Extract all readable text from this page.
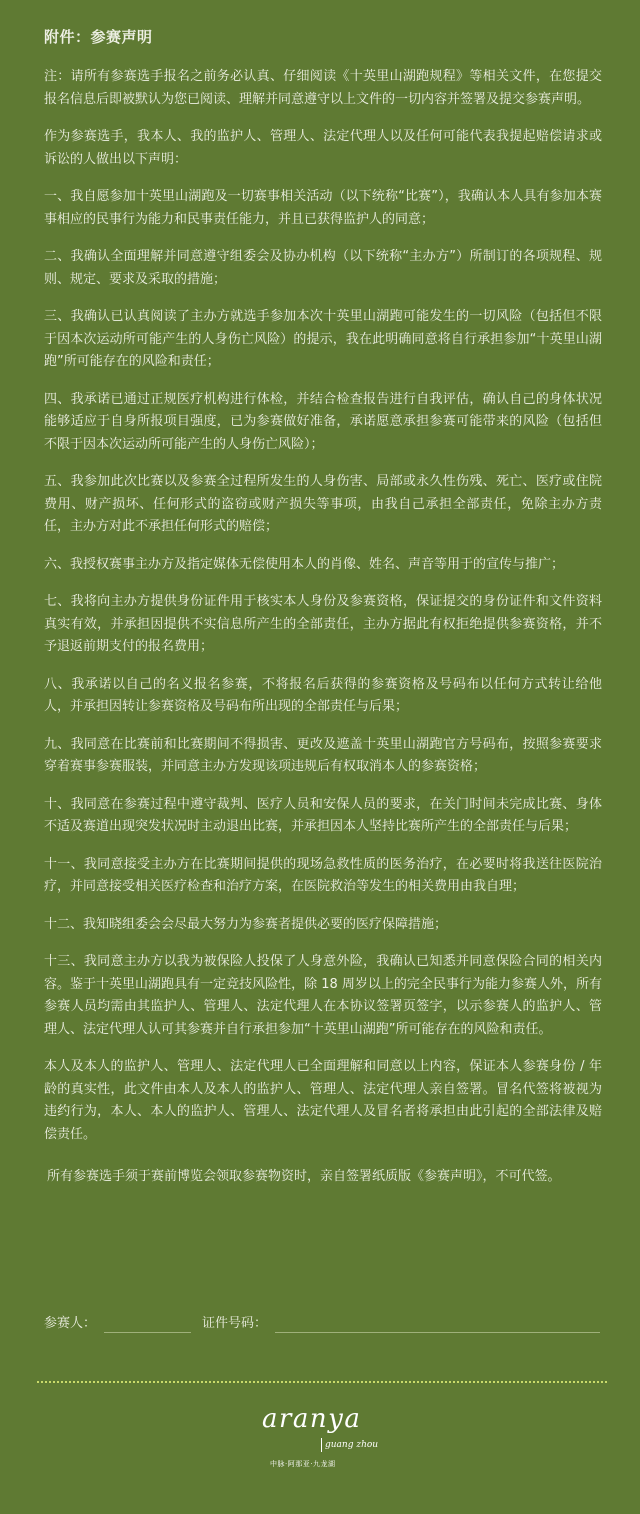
附件：参赛声明

注：请所有参赛选手报名之前务必认真、仔细阅读《十英里山湖跑规程》等相关文件，在您提交报名信息后即被默认为您已阅读、理解并同意遵守以上文件的一切内容并签署及提交参赛声明。

作为参赛选手，我本人、我的监护人、管理人、法定代理人以及任何可能代表我提起赔偿请求或诉讼的人做出以下声明：

一、我自愿参加十英里山湖跑及一切赛事相关活动（以下统称“比赛”），我确认本人具有参加本赛事相应的民事行为能力和民事责任能力，并且已获得监护人的同意；

二、我确认全面理解并同意遵守组委会及协办机构（以下统称“主办方”）所制订的各项规程、规则、规定、要求及采取的措施；

三、我确认已认真阅读了主办方就选手参加本次十英里山湖跑可能发生的一切风险（包括但不限于因本次运动所可能产生的人身伤亡风险）的提示，我在此明确同意将自行承担参加“十英里山湖跑”所可能存在的风险和责任；

四、我承诺已通过正规医疗机构进行体检，并结合检查报告进行自我评估，确认自己的身体状况能够适应于自身所报项目强度，已为参赛做好准备，承诺愿意承担参赛可能带来的风险（包括但不限于因本次运动所可能产生的人身伤亡风险）；

五、我参加此次比赛以及参赛全过程所发生的人身伤害、局部或永久性伤残、死亡、医疗或住院费用、财产损坏、任何形式的盗窃或财产损失等事项，由我自己承担全部责任，免除主办方责任，主办方对此不承担任何形式的赔偿；

六、我授权赛事主办方及指定媒体无偿使用本人的肖像、姓名、声音等用于的宣传与推广；

七、我将向主办方提供身份证件用于核实本人身份及参赛资格，保证提交的身份证件和文件资料真实有效，并承担因提供不实信息所产生的全部责任，主办方据此有权拒绝提供参赛资格，并不予退返前期支付的报名费用；

八、我承诺以自己的名义报名参赛，不将报名后获得的参赛资格及号码布以任何方式转让给他人，并承担因转让参赛资格及号码布所出现的全部责任与后果；

九、我同意在比赛前和比赛期间不得损害、更改及遮盖十英里山湖跑官方号码布，按照参赛要求穿着赛事参赛服装，并同意主办方发现该项违规后有权取消本人的参赛资格；

十、我同意在参赛过程中遵守裁判、医疗人员和安保人员的要求，在关门时间未完成比赛、身体不适及赛道出现突发状况时主动退出比赛，并承担因本人坚持比赛所产生的全部责任与后果；

十一、我同意接受主办方在比赛期间提供的现场急救性质的医务治疗，在必要时将我送往医院治疗，并同意接受相关医疗检查和治疗方案，在医院救治等发生的相关费用由我自理；

十二、我知晓组委会会尽最大努力为参赛者提供必要的医疗保障措施；

十三、我同意主办方以我为被保险人投保了人身意外险，我确认已知悉并同意保险合同的相关内容。鉴于十英里山湖跑具有一定竞技风险性，除 18 周岁以上的完全民事行为能力参赛人外，所有参赛人员均需由其监护人、管理人、法定代理人在本协议签署页签字，以示参赛人的监护人、管理人、法定代理人认可其参赛并自行承担参加“十英里山湖跑”所可能存在的风险和责任。

本人及本人的监护人、管理人、法定代理人已全面理解和同意以上内容，保证本人参赛身份 / 年龄的真实性，此文件由本人及本人的监护人、管理人、法定代理人亲自签署。冒名代签将被视为违约行为，本人、本人的监护人、管理人、法定代理人及冒名者将承担由此引起的全部法律及赔偿责任。

所有参赛选手须于赛前博览会领取参赛物资时，亲自签署纸质版《参赛声明》，不可代签。

参赛人：	证件号码：
aranya
guang zhou
中脉·阿那亚·九龙湖
